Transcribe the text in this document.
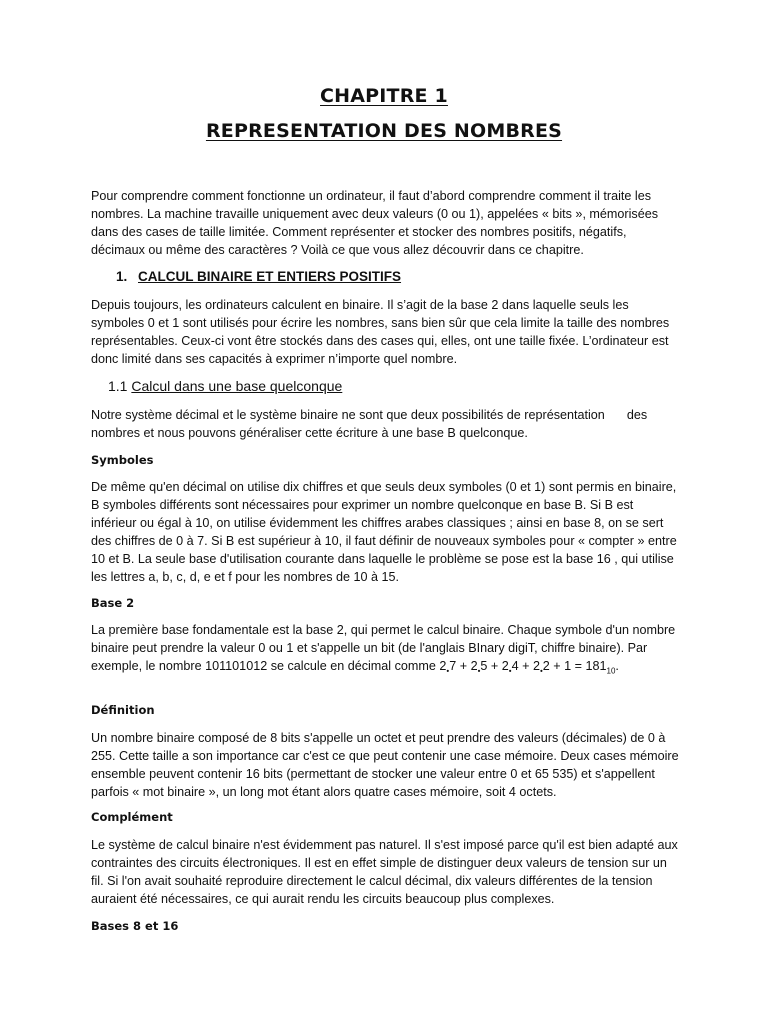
CHAPITRE 1
REPRESENTATION DES NOMBRES

Pour comprendre comment fonctionne un ordinateur, il faut d’abord comprendre comment il traite les nombres. La machine travaille uniquement avec deux valeurs (0 ou 1), appelées « bits », mémorisées dans des cases de taille limitée. Comment représenter et stocker des nombres positifs, négatifs, décimaux ou même des caractères ? Voilà ce que vous allez découvrir dans ce chapitre.

1. CALCUL BINAIRE ET ENTIERS POSITIFS

Depuis toujours, les ordinateurs calculent en binaire. Il s’agit de la base 2 dans laquelle seuls les symboles 0 et 1 sont utilisés pour écrire les nombres, sans bien sûr que cela limite la taille des nombres représentables. Ceux-ci vont être stockés dans des cases qui, elles, ont une taille fixée. L’ordinateur est donc limité dans ses capacités à exprimer n’importe quel nombre.

1.1 Calcul dans une base quelconque

Notre système décimal et le système binaire ne sont que deux possibilités de représentation des nombres et nous pouvons généraliser cette écriture à une base B quelconque.

Symboles

De même qu'en décimal on utilise dix chiffres et que seuls deux symboles (0 et 1) sont permis en binaire, B symboles différents sont nécessaires pour exprimer un nombre quelconque en base B. Si B est inférieur ou égal à 10, on utilise évidemment les chiffres arabes classiques ; ainsi en base 8, on se sert des chiffres de 0 à 7. Si B est supérieur à 10, il faut définir de nouveaux symboles pour « compter » entre 10 et B. La seule base d'utilisation courante dans laquelle le problème se pose est la base 16 , qui utilise les lettres a, b, c, d, e et f pour les nombres de 10 à 15.

Base 2

La première base fondamentale est la base 2, qui permet le calcul binaire. Chaque symbole d'un nombre binaire peut prendre la valeur 0 ou 1 et s'appelle un bit (de l'anglais BInary digiT, chiffre binaire). Par exemple, le nombre 101101012 se calcule en décimal comme $2_•7 + 2_•5 + 2_•4 + 2_•2 + 1 = 181_{10}$.

Définition

Un nombre binaire composé de 8 bits s'appelle un octet et peut prendre des valeurs (décimales) de 0 à 255. Cette taille a son importance car c'est ce que peut contenir une case mémoire. Deux cases mémoire ensemble peuvent contenir 16 bits (permettant de stocker une valeur entre 0 et 65 535) et s'appellent parfois « mot binaire », un long mot étant alors quatre cases mémoire, soit 4 octets.

Complément

Le système de calcul binaire n'est évidemment pas naturel. Il s'est imposé parce qu'il est bien adapté aux contraintes des circuits électroniques. Il est en effet simple de distinguer deux valeurs de tension sur un fil. Si l'on avait souhaité reproduire directement le calcul décimal, dix valeurs différentes de la tension auraient été nécessaires, ce qui aurait rendu les circuits beaucoup plus complexes.

Bases 8 et 16
